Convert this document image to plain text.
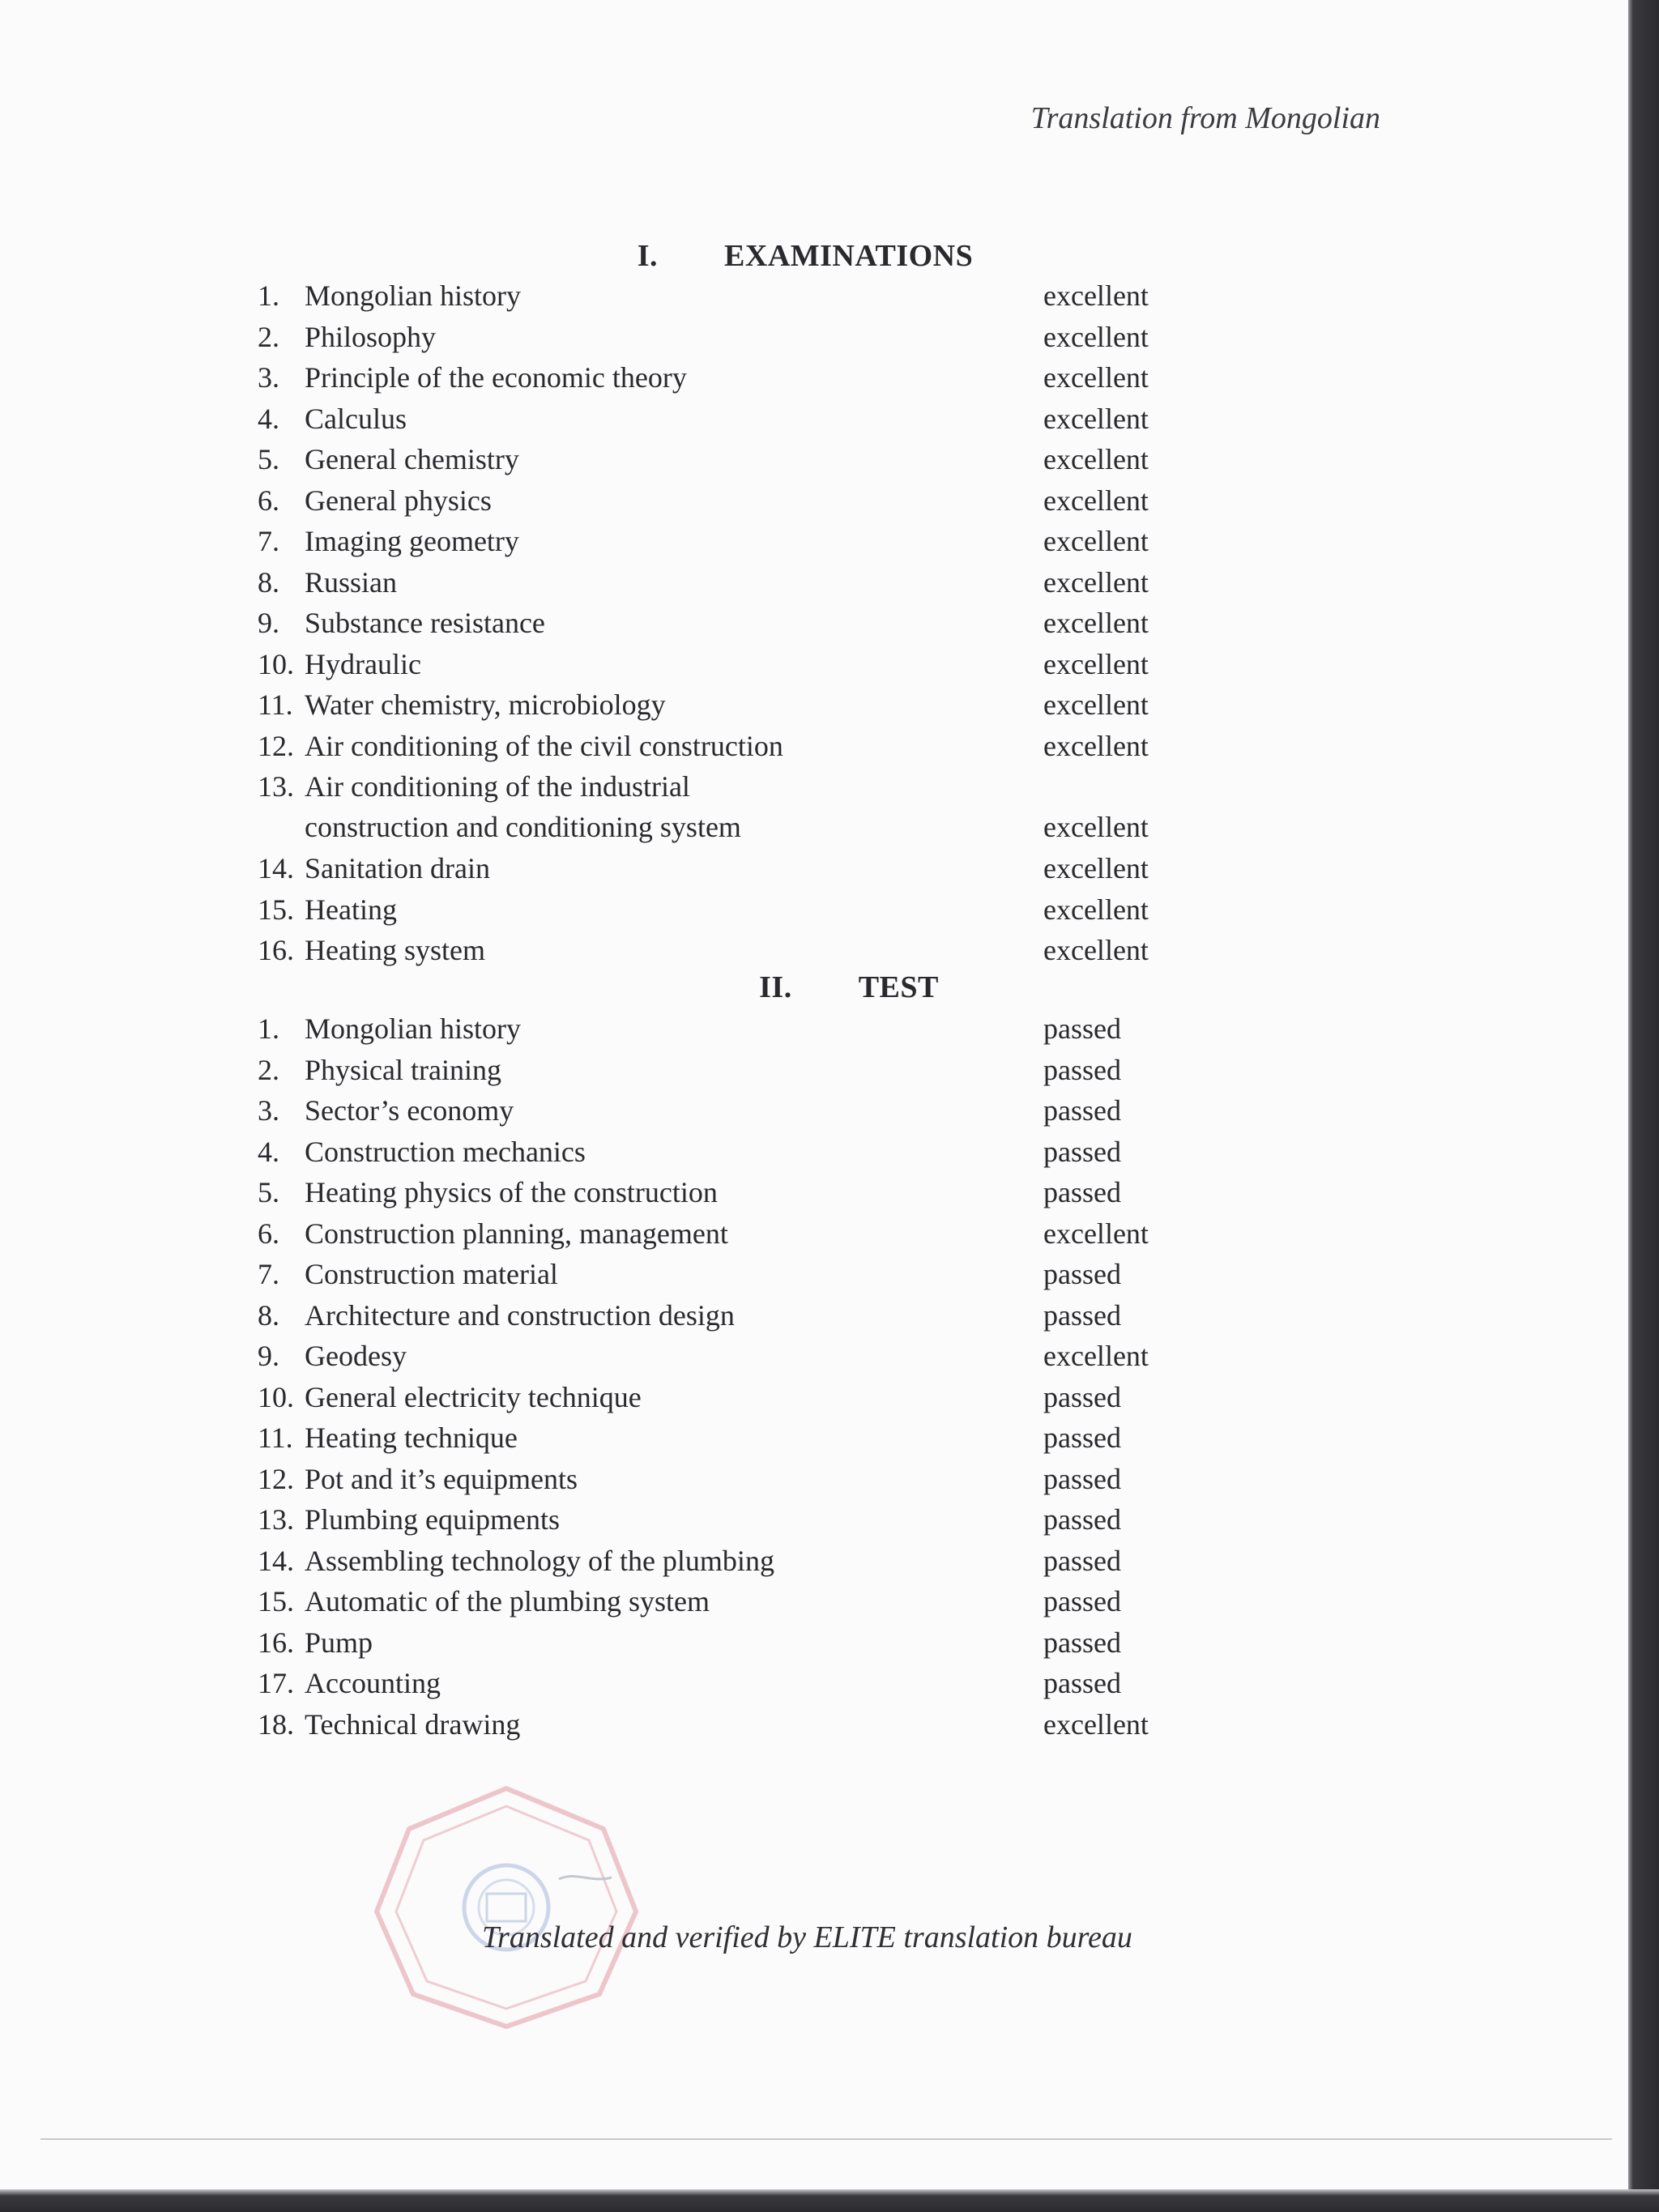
Translation from Mongolian
I. EXAMINATIONS
1. Mongolian history	excellent
2. Philosophy	excellent
3. Principle of the economic theory	excellent
4. Calculus	excellent
5. General chemistry	excellent
6. General physics	excellent
7. Imaging geometry	excellent
8. Russian	excellent
9. Substance resistance	excellent
10. Hydraulic	excellent
11. Water chemistry, microbiology	excellent
12. Air conditioning of the civil construction	excellent
13. Air conditioning of the industrial
construction and conditioning system	excellent
14. Sanitation drain	excellent
15. Heating	excellent
16. Heating system	excellent
II. TEST
1. Mongolian history	passed
2. Physical training	passed
3. Sector’s economy	passed
4. Construction mechanics	passed
5. Heating physics of the construction	passed
6. Construction planning, management	excellent
7. Construction material	passed
8. Architecture and construction design	passed
9. Geodesy	excellent
10. General electricity technique	passed
11. Heating technique	passed
12. Pot and it’s equipments	passed
13. Plumbing equipments	passed
14. Assembling technology of the plumbing	passed
15. Automatic of the plumbing system	passed
16. Pump	passed
17. Accounting	passed
18. Technical drawing	excellent
Translated and verified by ELITE translation bureau
